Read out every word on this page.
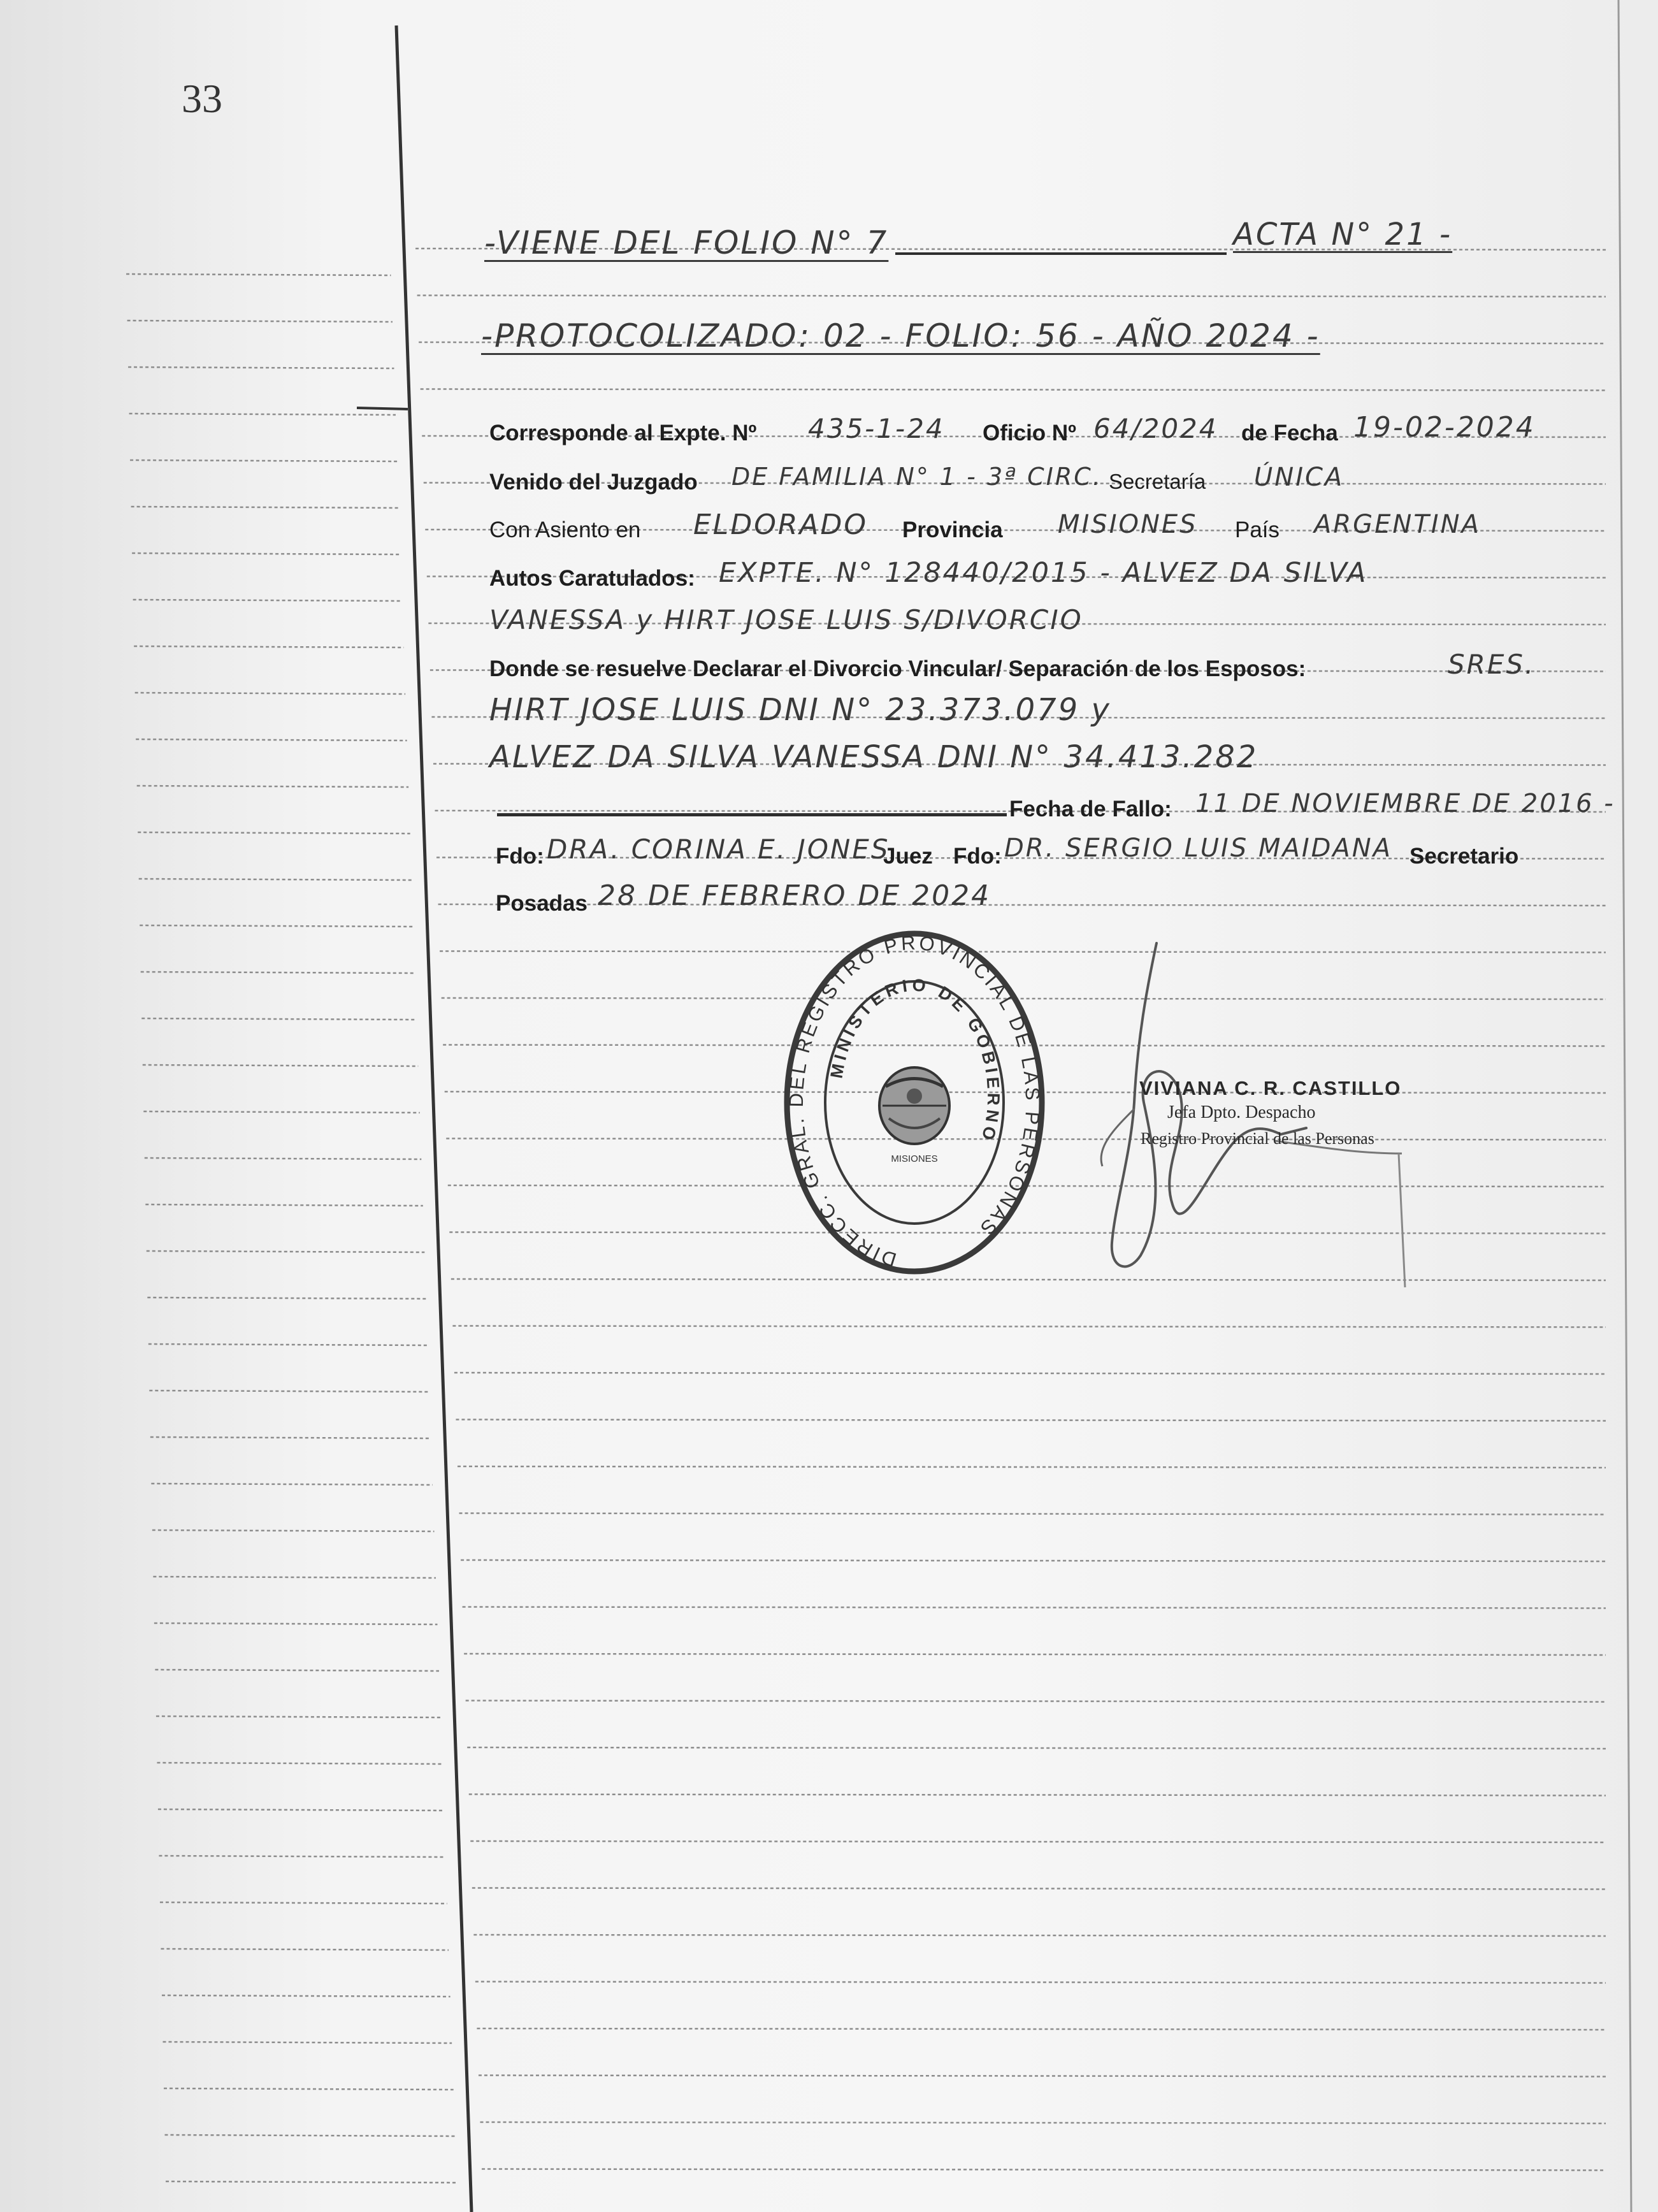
33
-VIENE DEL FOLIO N° 7	ACTA N° 21 -
-PROTOCOLIZADO: 02 - FOLIO: 56 - AÑO 2024 -
Corresponde al Expte. Nº 435-1-24 Oficio Nº 64/2024 de Fecha 19-02-2024
Venido del Juzgado DE FAMILIA N° 1 - 3ª CIRC. Secretaría ÚNICA
Con Asiento en ELDORADO Provincia MISIONES País ARGENTINA
Autos Caratulados: EXPTE. N° 128440/2015 - ALVEZ DA SILVA
VANESSA y HIRT JOSE LUIS S/DIVORCIO
Donde se resuelve Declarar el Divorcio Vincular/ Separación de los Esposos:	SRES.
HIRT JOSE LUIS DNI N° 23.373.079 y
ALVEZ DA SILVA VANESSA DNI N° 34.413.282
Fecha de Fallo: 11 DE NOVIEMBRE DE 2016 -
Fdo: DRA. CORINA E. JONES
Juez Fdo: DR. SERGIO LUIS MAIDANA Secretario
Posadas 28 DE FEBRERO DE 2024
DIRECC. GRAL. DEL REGISTRO PROVINCIAL DE LAS PERSONAS
MINISTERIO DE GOBIERNO
MISIONES
VIVIANA C. R. CASTILLO
Jefa Dpto. Despacho
Registro Provincial de las Personas
